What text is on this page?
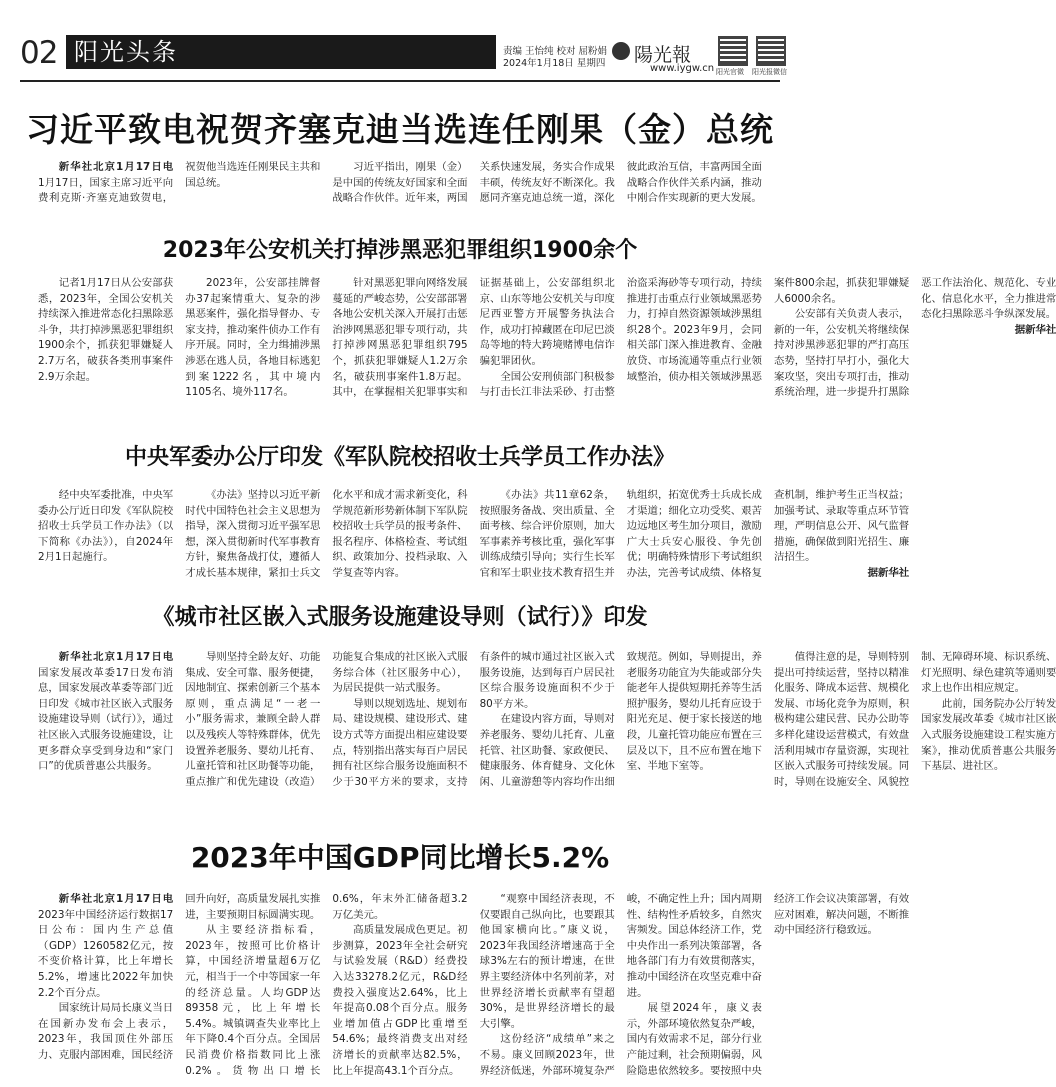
02 阳光头条	责编 王怡纯 校对 屈粉娟
2024年1月18日 星期四 陽光報
www.iygw.cn 阳光官微 阳光报微信
习近平致电祝贺齐塞克迪当选连任刚果（金）总统

新华社北京1月17日电 1月17日，国家主席习近平向费利克斯·齐塞克迪致贺电，祝贺他当选连任刚果民主共和国总统。

习近平指出，刚果（金）是中国的传统友好国家和全面战略合作伙伴。近年来，两国关系快速发展，务实合作成果丰硕，传统友好不断深化。我愿同齐塞克迪总统一道，深化彼此政治互信，丰富两国全面战略合作伙伴关系内涵，推动中刚合作实现新的更大发展。

2023年公安机关打掉涉黑恶犯罪组织1900余个

记者1月17日从公安部获悉，2023年，全国公安机关持续深入推进常态化扫黑除恶斗争，共打掉涉黑恶犯罪组织1900余个，抓获犯罪嫌疑人2.7万名，破获各类刑事案件2.9万余起。

2023年，公安部挂牌督办37起案情重大、复杂的涉黑恶案件，强化指导督办、专家支持，推动案件侦办工作有序开展。同时，全力缉捕涉黑涉恶在逃人员，各地目标逃犯到案1222名，其中境内1105名、境外117名。

针对黑恶犯罪向网络发展蔓延的严峻态势，公安部部署各地公安机关深入开展打击惩治涉网黑恶犯罪专项行动，共打掉涉网黑恶犯罪组织795个，抓获犯罪嫌疑人1.2万余名，破获刑事案件1.8万起。其中，在掌握相关犯罪事实和证据基础上，公安部组织北京、山东等地公安机关与印度尼西亚警方开展警务执法合作，成功打掉藏匿在印尼巴淡岛等地的特大跨境赌博电信诈骗犯罪团伙。

全国公安刑侦部门积极参与打击长江非法采砂、打击整治盗采海砂等专项行动，持续推进打击重点行业领域黑恶势力，打掉自然资源领域涉黑组织28个。2023年9月，会同相关部门深入推进教育、金融放贷、市场流通等重点行业领域整治，侦办相关领域涉黑恶案件800余起，抓获犯罪嫌疑人6000余名。

公安部有关负责人表示，新的一年，公安机关将继续保持对涉黑涉恶犯罪的严打高压态势，坚持打早打小，强化大案攻坚，突出专项打击，推动系统治理，进一步提升打黑除恶工作法治化、规范化、专业化、信息化水平，全力推进常态化扫黑除恶斗争纵深发展。

据新华社
中央军委办公厅印发《军队院校招收士兵学员工作办法》

经中央军委批准，中央军委办公厅近日印发《军队院校招收士兵学员工作办法》（以下简称《办法》），自2024年2月1日起施行。

《办法》坚持以习近平新时代中国特色社会主义思想为指导，深入贯彻习近平强军思想，深入贯彻新时代军事教育方针，聚焦备战打仗，遵循人才成长基本规律，紧扣士兵文化水平和成才需求新变化，科学规范新形势新体制下军队院校招收士兵学员的报考条件、报名程序、体格检查、考试组织、政策加分、投档录取、入学复查等内容。

《办法》共11章62条，按照服务备战、突出质量、全面考核、综合评价原则，加大军事素养考核比重，强化军事训练成绩引导向；实行生长军官和军士职业技术教育招生并轨组织，拓宽优秀士兵成长成才渠道；细化立功受奖、艰苦边远地区考生加分项目，激励广大士兵安心服役、争先创优；明确特殊情形下考试组织办法，完善考试成绩、体格复查机制，维护考生正当权益；加强考试、录取等重点环节管理，严明信息公开、风气监督措施，确保做到阳光招生、廉洁招生。

据新华社
《城市社区嵌入式服务设施建设导则（试行）》印发

新华社北京1月17日电 国家发展改革委17日发布消息，国家发展改革委等部门近日印发《城市社区嵌入式服务设施建设导则（试行）》，通过社区嵌入式服务设施建设，让更多群众享受到身边和“家门口”的优质普惠公共服务。

导则坚持全龄友好、功能集成、安全可靠、服务便捷，因地制宜、探索创新三个基本原则，重点满足“一老一小”服务需求，兼顾全龄人群以及残疾人等特殊群体，优先设置养老服务、婴幼儿托育、儿童托管和社区助餐等功能，重点推广和优先建设（改造）功能复合集成的社区嵌入式服务综合体（社区服务中心），为居民提供一站式服务。

导则以规划选址、规划布局、建设规模、建设形式、建设方式等方面提出相应建设要点，特别指出落实每百户居民拥有社区综合服务设施面积不少于30平方米的要求，支持有条件的城市通过社区嵌入式服务设施，达到每百户居民社区综合服务设施面积不少于80平方米。

在建设内容方面，导则对养老服务、婴幼儿托育、儿童托管、社区助餐、家政便民、健康服务、体育健身、文化休闲、儿童游憩等内容均作出细致规范。例如，导则提出，养老服务功能宜为失能或部分失能老年人提供短期托养等生活照护服务，婴幼儿托育应设于阳光充足、便于家长接送的地段，儿童托管功能应布置在三层及以下，且不应布置在地下室、半地下室等。

值得注意的是，导则特别提出可持续运营，坚持以精准化服务、降成本运营、规模化发展、市场化竞争为原则，积极构建公建民营、民办公助等多样化建设运营模式，有效盘活利用城市存量资源，实现社区嵌入式服务可持续发展。同时，导则在设施安全、风貌控制、无障碍环境、标识系统、灯光照明、绿色建筑等通则要求上也作出相应规定。

此前，国务院办公厅转发国家发展改革委《城市社区嵌入式服务设施建设工程实施方案》，推动优质普惠公共服务下基层、进社区。

2023年中国GDP同比增长5.2%

新华社北京1月17日电 2023年中国经济运行数据17日公布：国内生产总值（GDP）1260582亿元，按不变价格计算，比上年增长5.2%，增速比2022年加快2.2个百分点。

国家统计局局长康义当日在国新办发布会上表示，2023年，我国顶住外部压力、克服内部困难，国民经济回升向好，高质量发展扎实推进，主要预期目标圆满实现。

从主要经济指标看，2023年，按照可比价格计算，中国经济增量超6万亿元，相当于一个中等国家一年的经济总量。人均GDP达89358元，比上年增长5.4%。城镇调查失业率比上年下降0.4个百分点。全国居民消费价格指数同比上涨0.2%。货物出口增长0.6%，年末外汇储备超3.2万亿美元。

高质量发展成色更足。初步测算，2023年全社会研究与试验发展（R&D）经费投入达33278.2亿元，R&D经费投入强度达2.64%，比上年提高0.08个百分点。服务业增加值占GDP比重增至54.6%；最终消费支出对经济增长的贡献率达82.5%，比上年提高43.1个百分点。

“观察中国经济表现，不仅要跟自己纵向比，也要跟其他国家横向比。”康义说，2023年我国经济增速高于全球3%左右的预计增速，在世界主要经济体中名列前茅，对世界经济增长贡献率有望超30%，是世界经济增长的最大引擎。

这份经济“成绩单”来之不易。康义回顾2023年，世界经济低迷，外部环境复杂严峻，不确定性上升；国内周期性、结构性矛盾较多，自然灾害频发。国总体经济工作，党中央作出一系列决策部署，各地各部门有力有效贯彻落实，推动中国经济在攻坚克难中奋进。

展望2024年，康义表示，外部环境依然复杂严峻，国内有效需求不足，部分行业产能过剩，社会预期偏弱，风险隐患依然较多。要按照中央经济工作会议决策部署，有效应对困难，解决问题，不断推动中国经济行稳致远。
